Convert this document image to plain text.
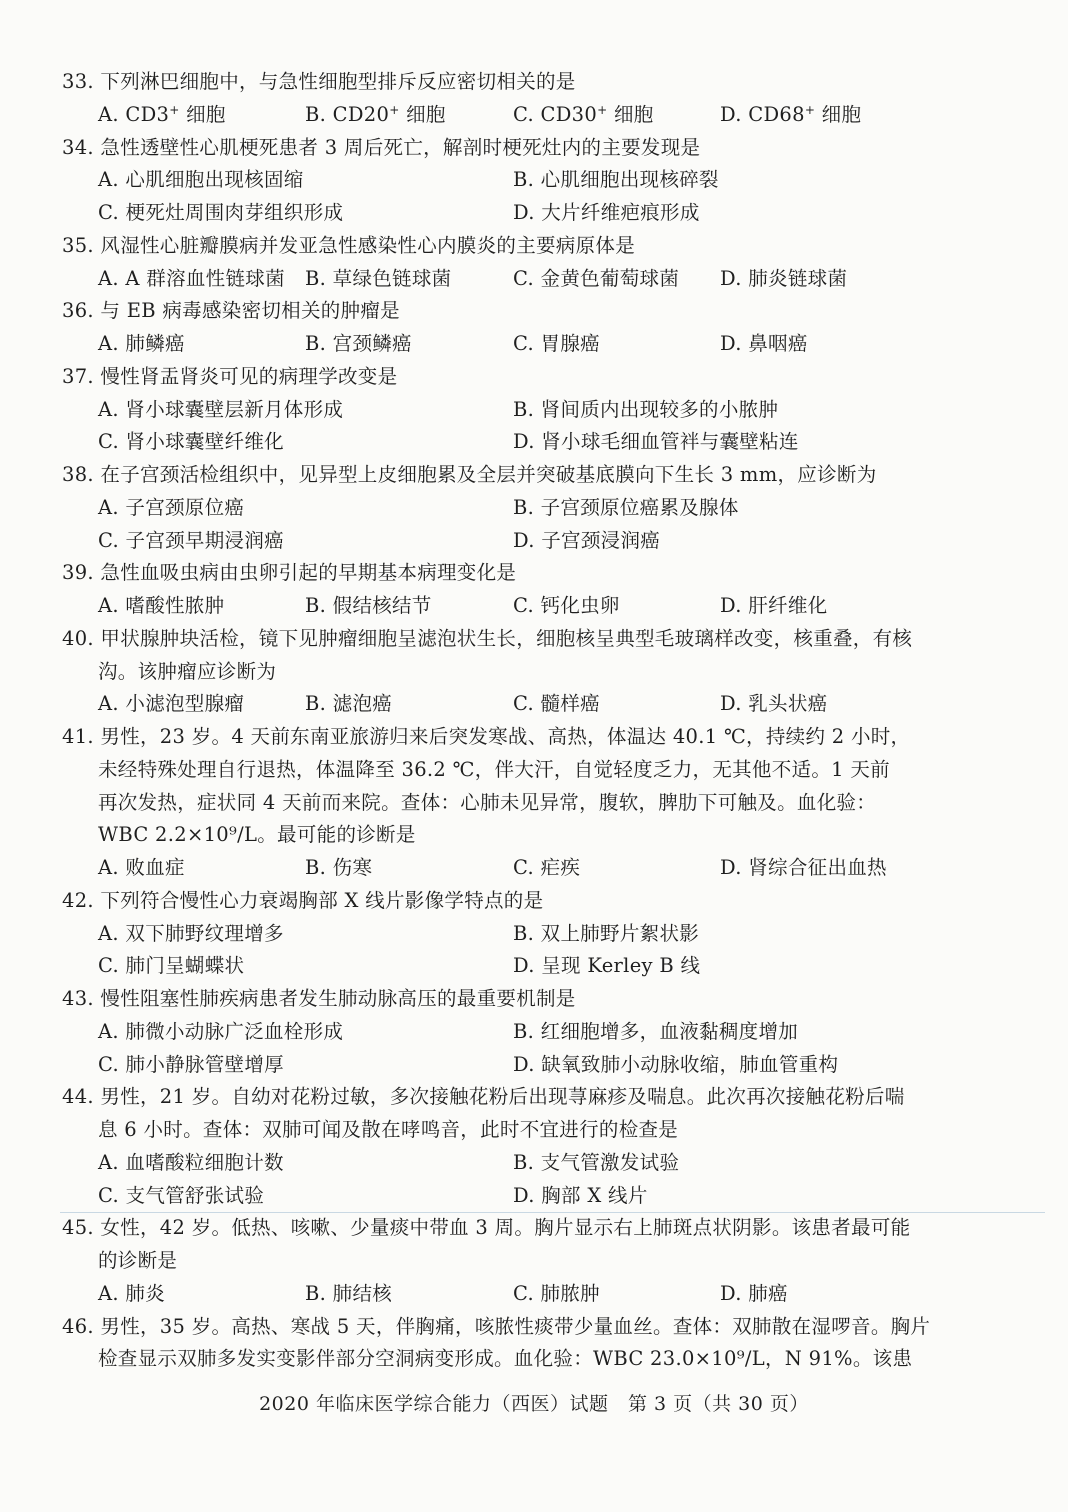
33. 下列淋巴细胞中，与急性细胞型排斥反应密切相关的是
A. CD3+ 细胞	B. CD20+ 细胞	C. CD30+ 细胞	D. CD68+ 细胞
34. 急性透壁性心肌梗死患者 3 周后死亡，解剖时梗死灶内的主要发现是
A. 心肌细胞出现核固缩	B. 心肌细胞出现核碎裂
C. 梗死灶周围肉芽组织形成	D. 大片纤维疤痕形成
35. 风湿性心脏瓣膜病并发亚急性感染性心内膜炎的主要病原体是
A. A 群溶血性链球菌 B. 草绿色链球菌	C. 金黄色葡萄球菌 D. 肺炎链球菌
36. 与 EB 病毒感染密切相关的肿瘤是
A. 肺鳞癌	B. 宫颈鳞癌	C. 胃腺癌	D. 鼻咽癌
37. 慢性肾盂肾炎可见的病理学改变是
A. 肾小球囊壁层新月体形成	B. 肾间质内出现较多的小脓肿
C. 肾小球囊壁纤维化	D. 肾小球毛细血管袢与囊壁粘连
38. 在子宫颈活检组织中，见异型上皮细胞累及全层并突破基底膜向下生长 3 mm，应诊断为
A. 子宫颈原位癌	B. 子宫颈原位癌累及腺体
C. 子宫颈早期浸润癌	D. 子宫颈浸润癌
39. 急性血吸虫病由虫卵引起的早期基本病理变化是
A. 嗜酸性脓肿	B. 假结核结节	C. 钙化虫卵	D. 肝纤维化
40. 甲状腺肿块活检，镜下见肿瘤细胞呈滤泡状生长，细胞核呈典型毛玻璃样改变，核重叠，有核
沟。该肿瘤应诊断为
A. 小滤泡型腺瘤	B. 滤泡癌	C. 髓样癌	D. 乳头状癌
41. 男性，23 岁。4 天前东南亚旅游归来后突发寒战、高热，体温达 40.1 ℃，持续约 2 小时，
未经特殊处理自行退热，体温降至 36.2 ℃，伴大汗，自觉轻度乏力，无其他不适。1 天前
再次发热，症状同 4 天前而来院。查体：心肺未见异常，腹软，脾肋下可触及。血化验：
WBC 2.2×10⁹/L。最可能的诊断是
A. 败血症	B. 伤寒	C. 疟疾	D. 肾综合征出血热
42. 下列符合慢性心力衰竭胸部 X 线片影像学特点的是
A. 双下肺野纹理增多	B. 双上肺野片絮状影
C. 肺门呈蝴蝶状	D. 呈现 Kerley B 线
43. 慢性阻塞性肺疾病患者发生肺动脉高压的最重要机制是
A. 肺微小动脉广泛血栓形成	B. 红细胞增多，血液黏稠度增加
C. 肺小静脉管壁增厚	D. 缺氧致肺小动脉收缩，肺血管重构
44. 男性，21 岁。自幼对花粉过敏，多次接触花粉后出现荨麻疹及喘息。此次再次接触花粉后喘
息 6 小时。查体：双肺可闻及散在哮鸣音，此时不宜进行的检查是
A. 血嗜酸粒细胞计数	B. 支气管激发试验
C. 支气管舒张试验	D. 胸部 X 线片
45. 女性，42 岁。低热、咳嗽、少量痰中带血 3 周。胸片显示右上肺斑点状阴影。该患者最可能
的诊断是
A. 肺炎	B. 肺结核	C. 肺脓肿	D. 肺癌
46. 男性，35 岁。高热、寒战 5 天，伴胸痛，咳脓性痰带少量血丝。查体：双肺散在湿啰音。胸片
检查显示双肺多发实变影伴部分空洞病变形成。血化验：WBC 23.0×10⁹/L，N 91%。该患
2020 年临床医学综合能力（西医）试题　第 3 页（共 30 页）
